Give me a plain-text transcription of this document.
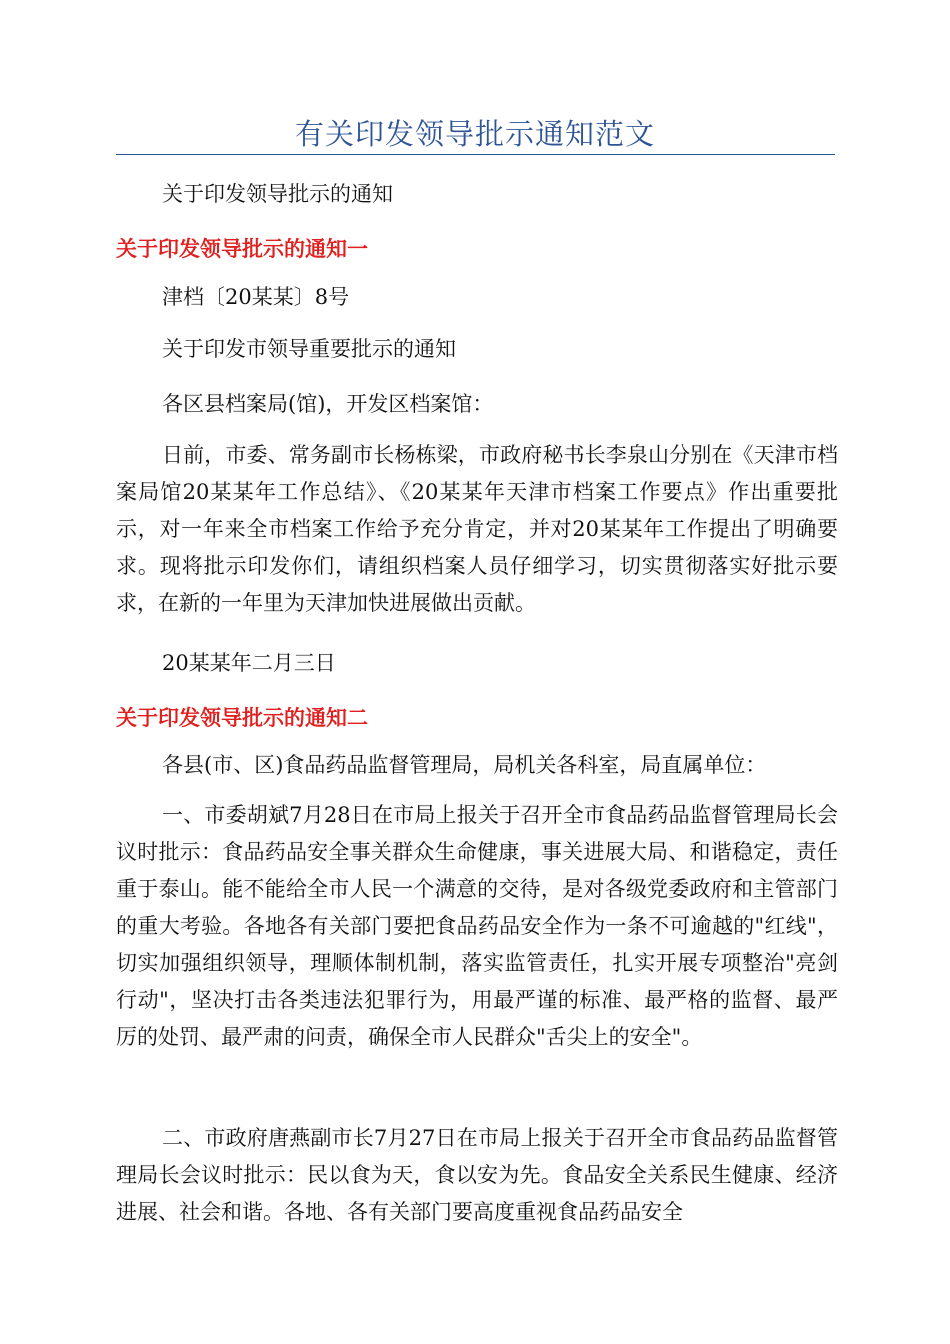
有关印发领导批示通知范文
关于印发领导批示的通知
关于印发领导批示的通知一
津档〔20某某〕8号
关于印发市领导重要批示的通知
各区县档案局(馆)，开发区档案馆：
日前，市委、常务副市长杨栋梁，市政府秘书长李泉山分别在《天津市档案局馆20某某年工作总结》、《20某某年天津市档案工作要点》作出重要批示，对一年来全市档案工作给予充分肯定，并对20某某年工作提出了明确要求。现将批示印发你们，请组织档案人员仔细学习，切实贯彻落实好批示要求，在新的一年里为天津加快进展做出贡献。
20某某年二月三日
关于印发领导批示的通知二
各县(市、区)食品药品监督管理局，局机关各科室，局直属单位：
一、市委胡斌7月28日在市局上报关于召开全市食品药品监督管理局长会议时批示：食品药品安全事关群众生命健康，事关进展大局、和谐稳定，责任重于泰山。能不能给全市人民一个满意的交待，是对各级党委政府和主管部门的重大考验。各地各有关部门要把食品药品安全作为一条不可逾越的"红线"，切实加强组织领导，理顺体制机制，落实监管责任，扎实开展专项整治"亮剑行动"，坚决打击各类违法犯罪行为，用最严谨的标准、最严格的监督、最严厉的处罚、最严肃的问责，确保全市人民群众"舌尖上的安全"。
二、市政府唐燕副市长7月27日在市局上报关于召开全市食品药品监督管理局长会议时批示：民以食为天，食以安为先。食品安全关系民生健康、经济进展、社会和谐。各地、各有关部门要高度重视食品药品安全
